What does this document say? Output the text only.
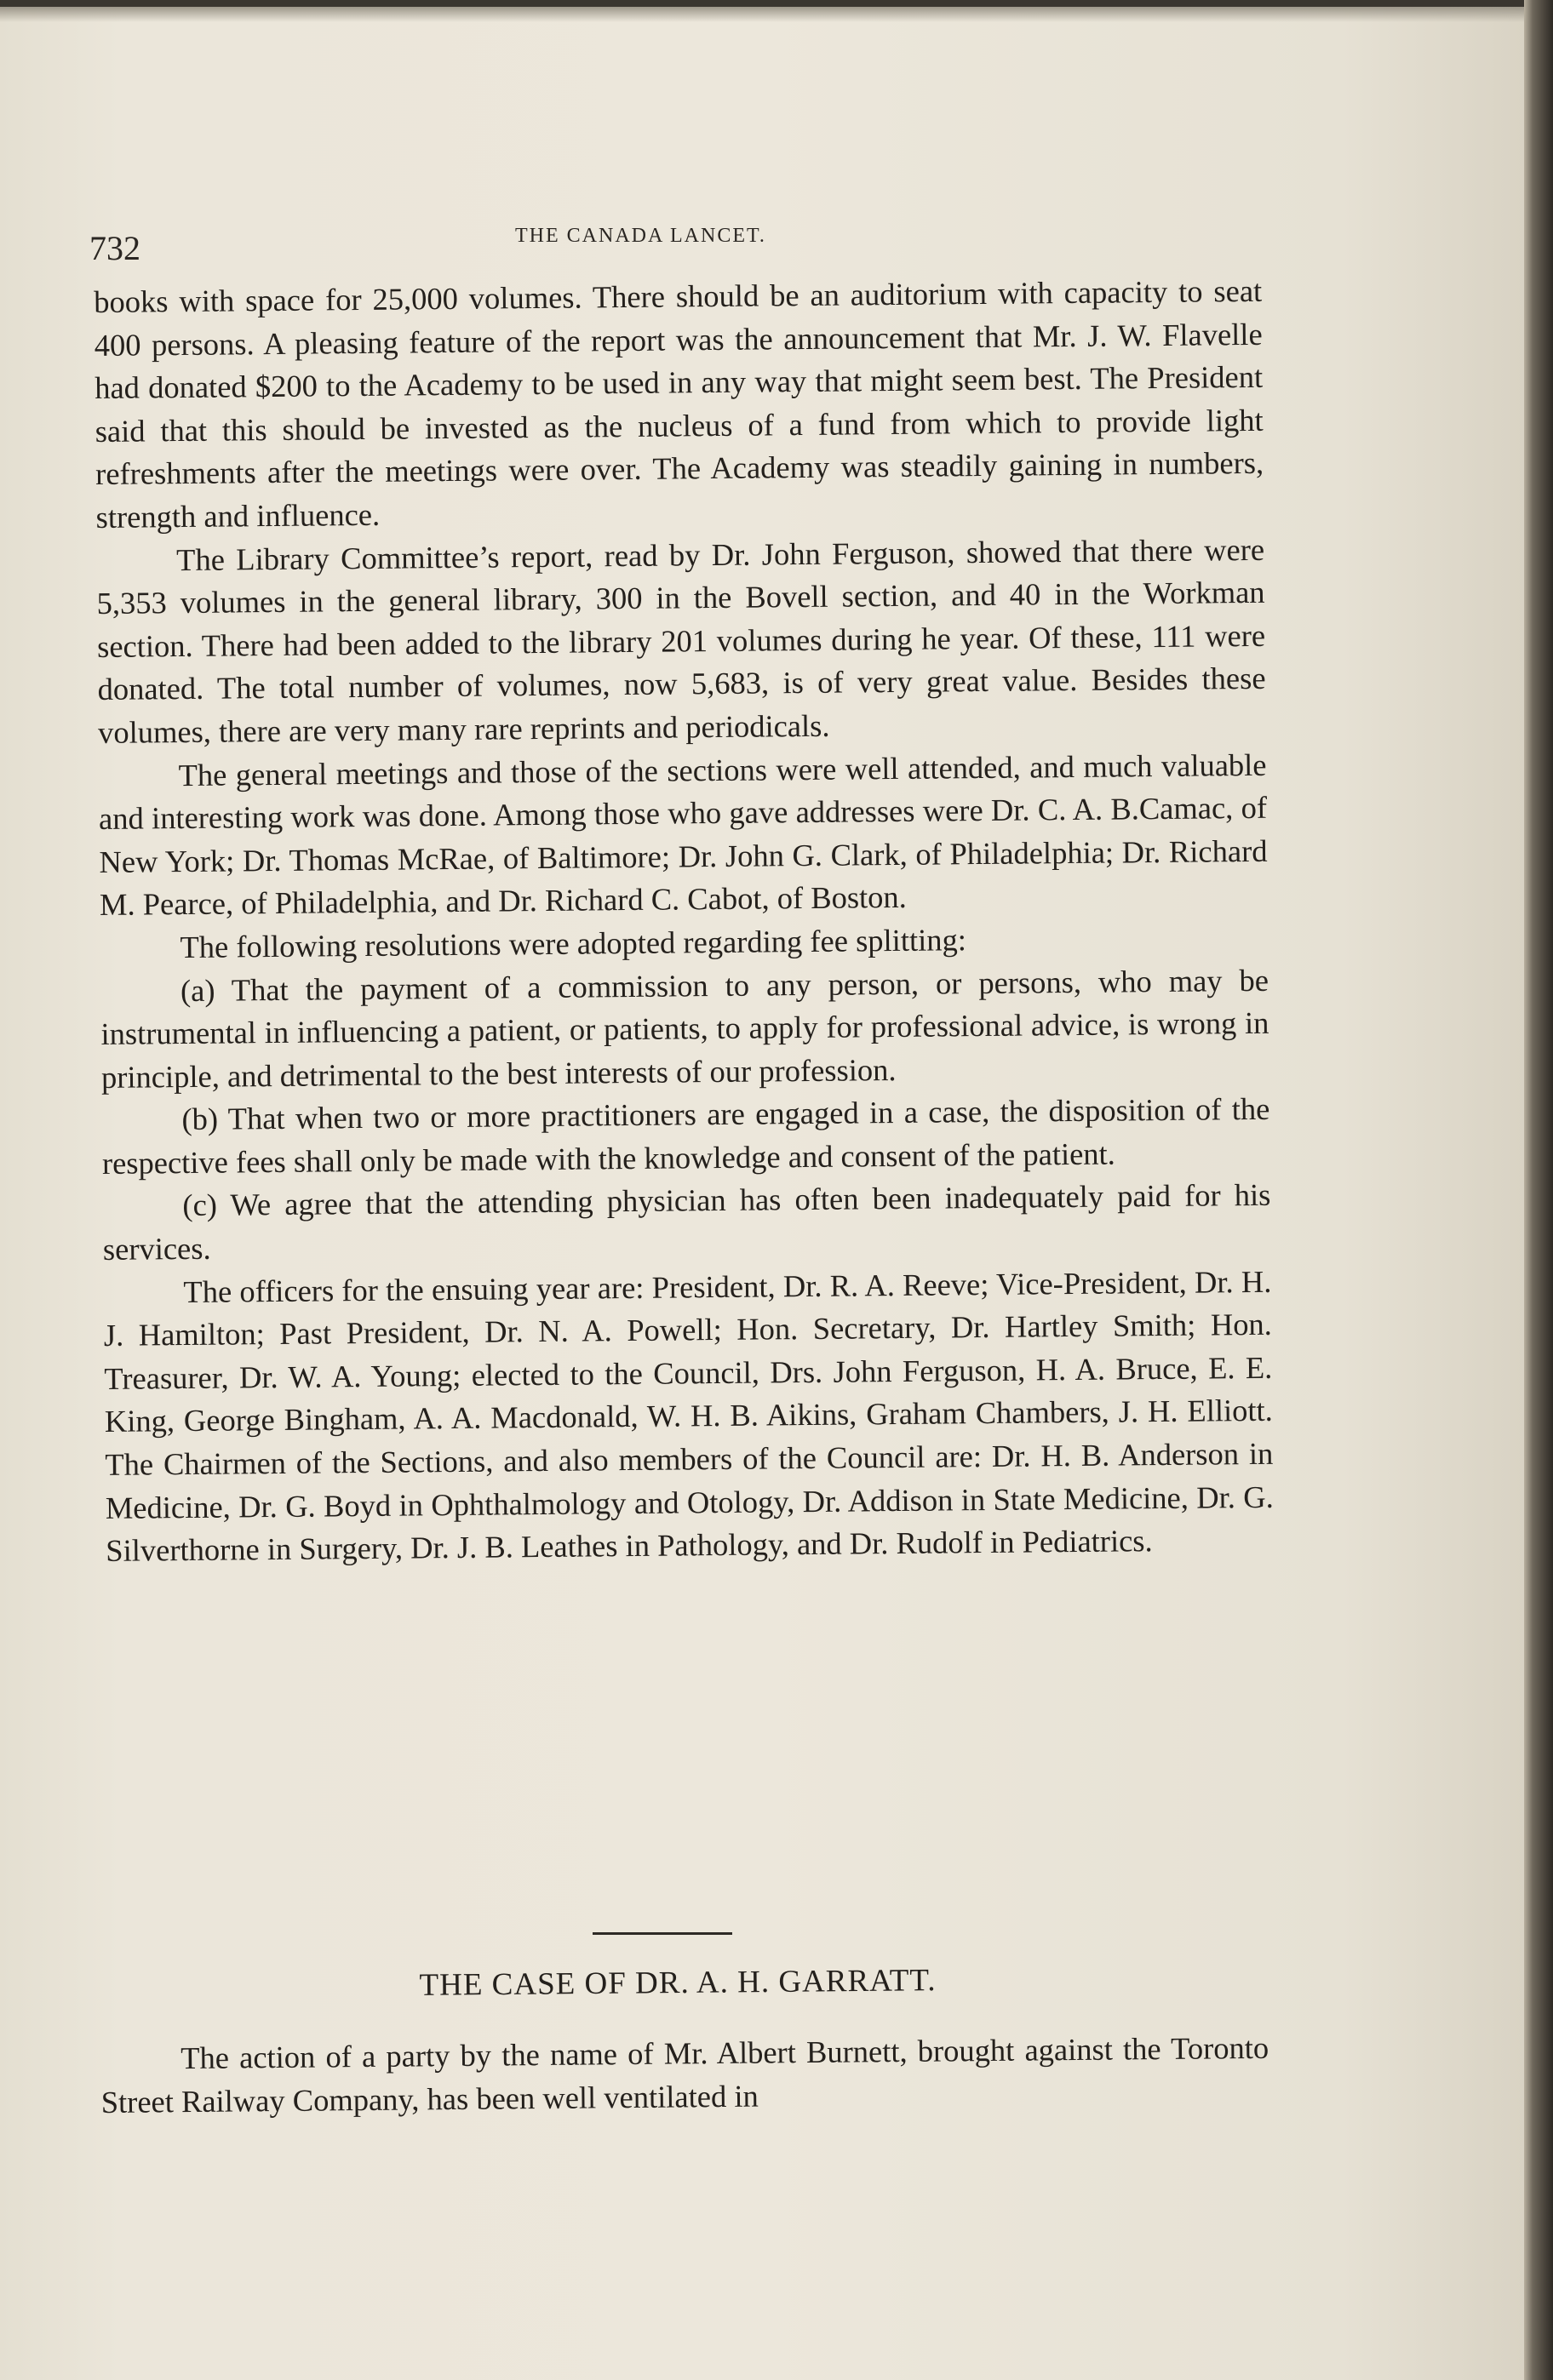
732	THE CANADA LANCET.

books with space for 25,000 volumes. There should be an auditorium with capacity to seat 400 persons. A pleasing feature of the report was the announcement that Mr. J. W. Flavelle had donated $200 to the Academy to be used in any way that might seem best. The President said that this should be invested as the nucleus of a fund from which to provide light refreshments after the meetings were over. The Academy was steadily gaining in numbers, strength and influence.

The Library Committee’s report, read by Dr. John Ferguson, showed that there were 5,353 volumes in the general library, 300 in the Bovell section, and 40 in the Workman section. There had been added to the library 201 volumes during he year. Of these, 111 were donated. The total number of volumes, now 5,683, is of very great value. Besides these volumes, there are very many rare reprints and periodicals.

The general meetings and those of the sections were well attended, and much valuable and interesting work was done. Among those who gave addresses were Dr. C. A. B.Camac, of New York; Dr. Thomas McRae, of Baltimore; Dr. John G. Clark, of Philadelphia; Dr. Richard M. Pearce, of Philadelphia, and Dr. Richard C. Cabot, of Boston.

The following resolutions were adopted regarding fee splitting:

(a) That the payment of a commission to any person, or persons, who may be instrumental in influencing a patient, or patients, to apply for professional advice, is wrong in principle, and detrimental to the best interests of our profession.

(b) That when two or more practitioners are engaged in a case, the disposition of the respective fees shall only be made with the knowledge and consent of the patient.

(c) We agree that the attending physician has often been inadequately paid for his services.

The officers for the ensuing year are: President, Dr. R. A. Reeve; Vice-President, Dr. H. J. Hamilton; Past President, Dr. N. A. Powell; Hon. Secretary, Dr. Hartley Smith; Hon. Treasurer, Dr. W. A. Young; elected to the Council, Drs. John Ferguson, H. A. Bruce, E. E. King, George Bingham, A. A. Macdonald, W. H. B. Aikins, Graham Chambers, J. H. Elliott. The Chairmen of the Sections, and also members of the Council are: Dr. H. B. Anderson in Medicine, Dr. G. Boyd in Ophthalmology and Otology, Dr. Addison in State Medicine, Dr. G. Silverthorne in Surgery, Dr. J. B. Leathes in Pathology, and Dr. Rudolf in Pediatrics.

THE CASE OF DR. A. H. GARRATT.

The action of a party by the name of Mr. Albert Burnett, brought against the Toronto Street Railway Company, has been well ventilated in
